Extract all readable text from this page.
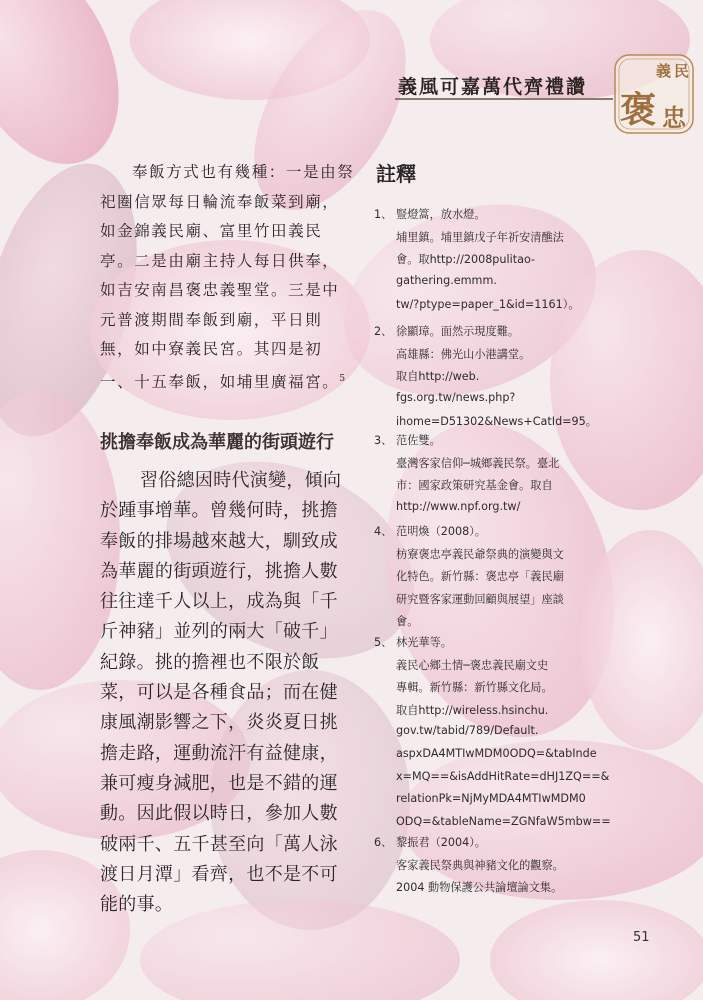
義風可嘉萬代齊禮讚
義 民
褒 忠
奉飯方式也有幾種：一是由祭祀圈信眾每日輪流奉飯菜到廟，如金錦義民廟、富里竹田義民亭。二是由廟主持人每日供奉，如吉安南昌褒忠義聖堂。三是中元普渡期間奉飯到廟，平日則無，如中寮義民宮。其四是初一、十五奉飯，如埔里廣福宮。$^5$
挑擔奉飯成為華麗的街頭遊行
習俗總因時代演變，傾向於踵事增華。曾幾何時，挑擔奉飯的排場越來越大，馴致成為華麗的街頭遊行，挑擔人數往往達千人以上，成為與「千斤神豬」並列的兩大「破千」紀錄。挑的擔裡也不限於飯菜，可以是各種食品；而在健康風潮影響之下，炎炎夏日挑擔走路，運動流汗有益健康，兼可瘦身減肥，也是不錯的運動。因此假以時日，參加人數破兩千、五千甚至向「萬人泳渡日月潭」看齊，也不是不可能的事。
註釋
1、 豎燈篙，放水燈。
埔里鎮。埔里鎮戊子年祈安清醮法
會。取http://2008pulitao-
gathering.emmm.
tw/?ptype=paper_1&id=1161）。
2、 徐顯璋。面然示現度難。
高雄縣：佛光山小港講堂。
取自http://web.
fgs.org.tw/news.php?
ihome=D51302&News+CatId=95。
3、 范佐雙。
臺灣客家信仰─城鄉義民祭。臺北
市：國家政策研究基金會。取自
http://www.npf.org.tw/
4、 范明煥（2008）。
枋寮褒忠亭義民爺祭典的演變與文
化特色。新竹縣：褒忠亭「義民廟
研究暨客家運動回顧與展望」座談
會。
5、 林光華等。
義民心鄉土情─褒忠義民廟文史
專輯。新竹縣：新竹縣文化局。
取自http://wireless.hsinchu.
gov.tw/tabid/789/Default.
aspxDA4MTIwMDM0ODQ=&tabInde
x=MQ==&isAddHitRate=dHJ1ZQ==&
relationPk=NjMyMDA4MTIwMDM0
ODQ=&tableName=ZGNfaW5mbw==
6、 黎振君（2004）。
客家義民祭典與神豬文化的觀察。
2004 動物保護公共論壇論文集。
51
